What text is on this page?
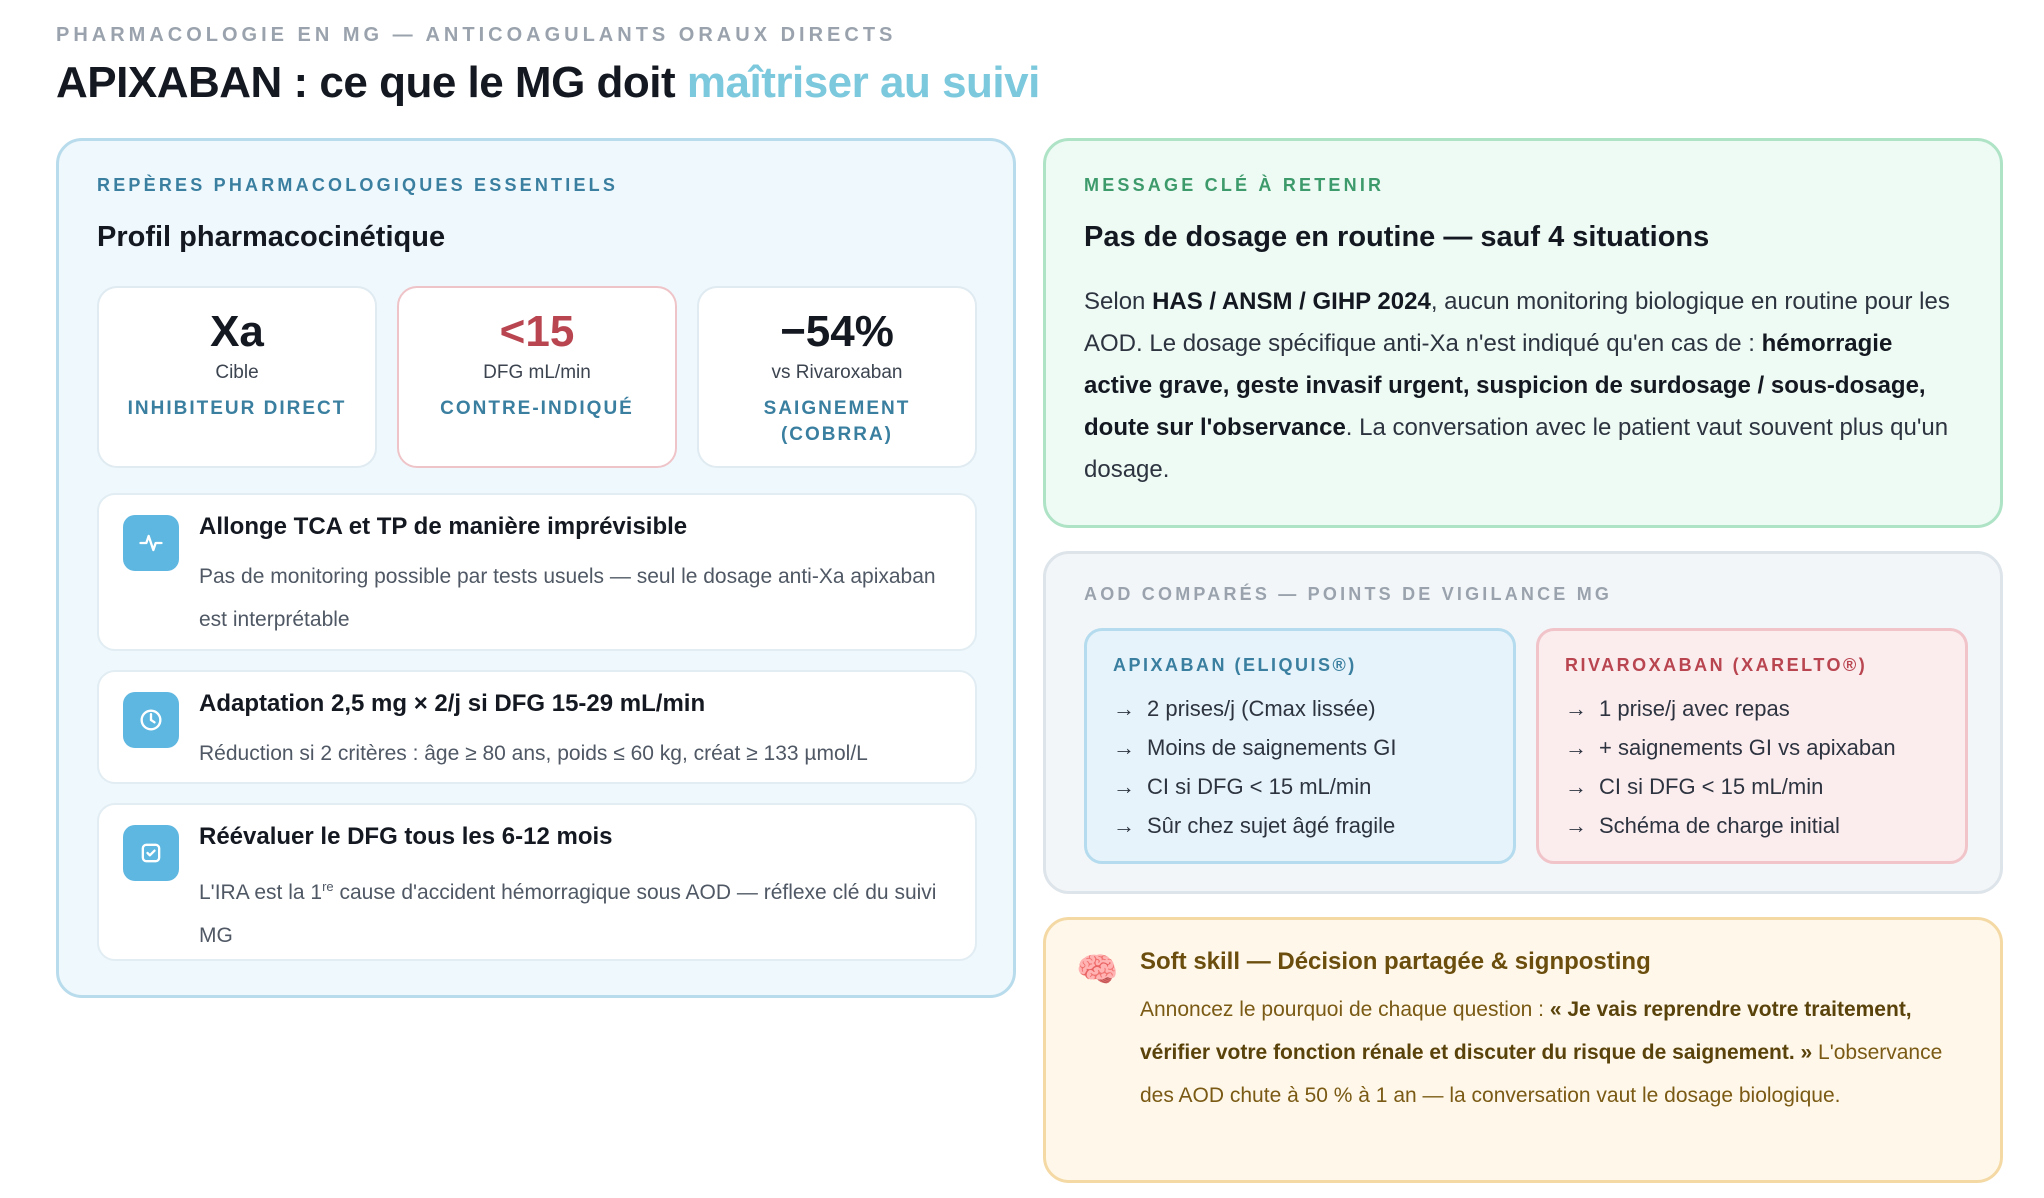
PHARMACOLOGIE EN MG — ANTICOAGULANTS ORAUX DIRECTS
APIXABAN : ce que le MG doit maîtriser au suivi
REPÈRES PHARMACOLOGIQUES ESSENTIELS
Profil pharmacocinétique
Xa
Cible
INHIBITEUR DIRECT
<15
DFG mL/min
CONTRE-INDIQUÉ
−54%
vs Rivaroxaban
SAIGNEMENT (COBRRA)
Allonge TCA et TP de manière imprévisible
Pas de monitoring possible par tests usuels — seul le dosage anti-Xa apixaban est interprétable
Adaptation 2,5 mg × 2/j si DFG 15-29 mL/min
Réduction si 2 critères : âge ≥ 80 ans, poids ≤ 60 kg, créat ≥ 133 µmol/L
Réévaluer le DFG tous les 6-12 mois
L'IRA est la 1re cause d'accident hémorragique sous AOD — réflexe clé du suivi MG
MESSAGE CLÉ À RETENIR
Pas de dosage en routine — sauf 4 situations

Selon HAS / ANSM / GIHP 2024, aucun monitoring biologique en routine pour les AOD. Le dosage spécifique anti-Xa n'est indiqué qu'en cas de : hémorragie active grave, geste invasif urgent, suspicion de surdosage / sous-dosage, doute sur l'observance. La conversation avec le patient vaut souvent plus qu'un dosage.

AOD COMPARÉS — POINTS DE VIGILANCE MG
APIXABAN (ELIQUIS®)
→ 2 prises/j (Cmax lissée)
→ Moins de saignements GI
→ CI si DFG < 15 mL/min
→ Sûr chez sujet âgé fragile
RIVAROXABAN (XARELTO®)
→ 1 prise/j avec repas
→ + saignements GI vs apixaban
→ CI si DFG < 15 mL/min
→ Schéma de charge initial
🧠 Soft skill — Décision partagée & signposting

Annoncez le pourquoi de chaque question : « Je vais reprendre votre traitement, vérifier votre fonction rénale et discuter du risque de saignement. » L'observance des AOD chute à 50 % à 1 an — la conversation vaut le dosage biologique.
